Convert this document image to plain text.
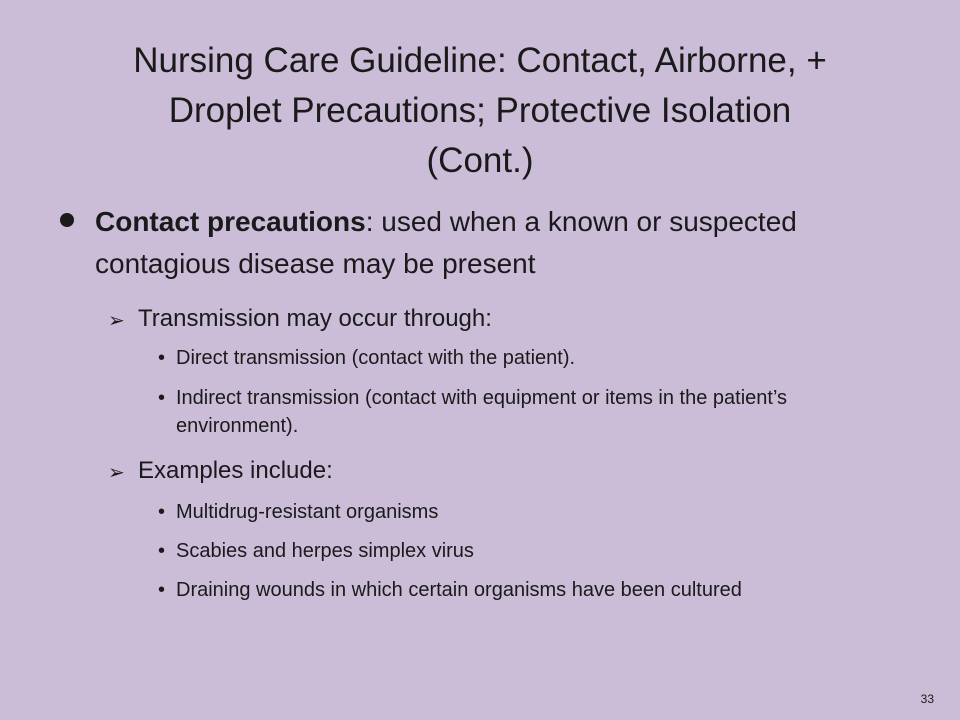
Nursing Care Guideline: Contact, Airborne, +
Droplet Precautions; Protective Isolation
(Cont.)
Contact precautions: used when a known or suspected contagious disease may be present
➢ Transmission may occur through:
• Direct transmission (contact with the patient).
• Indirect transmission (contact with equipment or items in the patient’s environment).
➢ Examples include:
• Multidrug-resistant organisms
• Scabies and herpes simplex virus
• Draining wounds in which certain organisms have been cultured
33
